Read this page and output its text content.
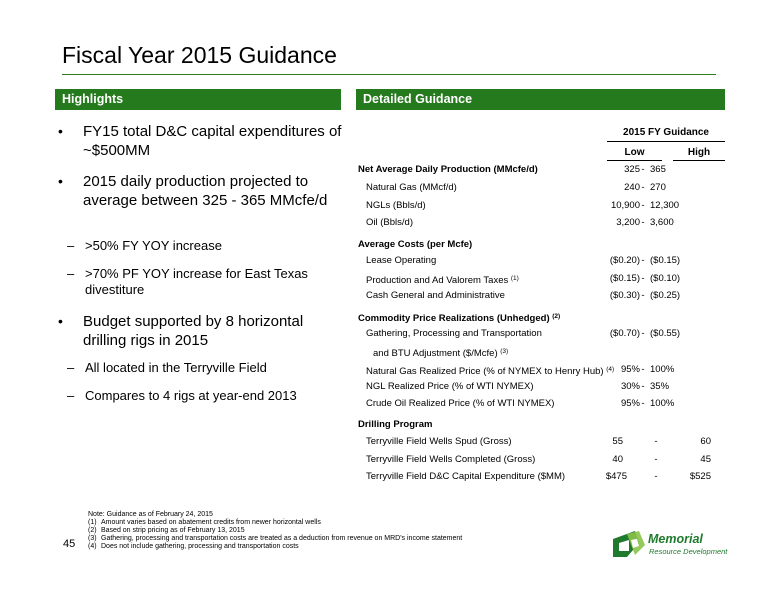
Fiscal Year 2015 Guidance
Highlights	Detailed Guidance
• FY15 total D&C capital expenditures of ~$500MM
• 2015 daily production projected to average between 325 - 365 MMcfe/d
– >50% FY YOY increase
– >70% PF YOY increase for East Texas divestiture
• Budget supported by 8 horizontal drilling rigs in 2015
– All located in the Terryville Field
– Compares to 4 rigs at year-end 2013
2015 FY Guidance
Low	High
Net Average Daily Production (MMcfe/d)	325 - 365
Natural Gas (MMcf/d)	240 - 270
NGLs (Bbls/d)	10,900 - 12,300
Oil (Bbls/d)	3,200 - 3,600
Average Costs (per Mcfe)
Lease Operating	($0.20) - ($0.15)
Production and Ad Valorem Taxes $^{(1)}$	($0.15) - ($0.10)
Cash General and Administrative	($0.30) - ($0.25)
Commodity Price Realizations (Unhedged) $^{(2)}$
Gathering, Processing and Transportation	($0.70) - ($0.55)
and BTU Adjustment ($/Mcfe) $^{(3)}$
Natural Gas Realized Price (% of NYMEX to Henry Hub) $^{(4)}$ 95% - 100%
NGL Realized Price (% of WTI NYMEX)	30% - 35%
Crude Oil Realized Price (% of WTI NYMEX)	95% - 100%
Drilling Program
Terryville Field Wells Spud (Gross)	55	-	60
Terryville Field Wells Completed (Gross)	40	-	45
Terryville Field D&C Capital Expenditure ($MM)	$475	-	$525
Note: Guidance as of February 24, 2015
(1) Amount varies based on abatement credits from newer horizontal wells
(2) Based on strip pricing as of February 13, 2015
(3) Gathering, processing and transportation costs are treated as a deduction from revenue on MRD's income statement
(4) Does not include gathering, processing and transportation costs
45	Memorial
Resource Development
